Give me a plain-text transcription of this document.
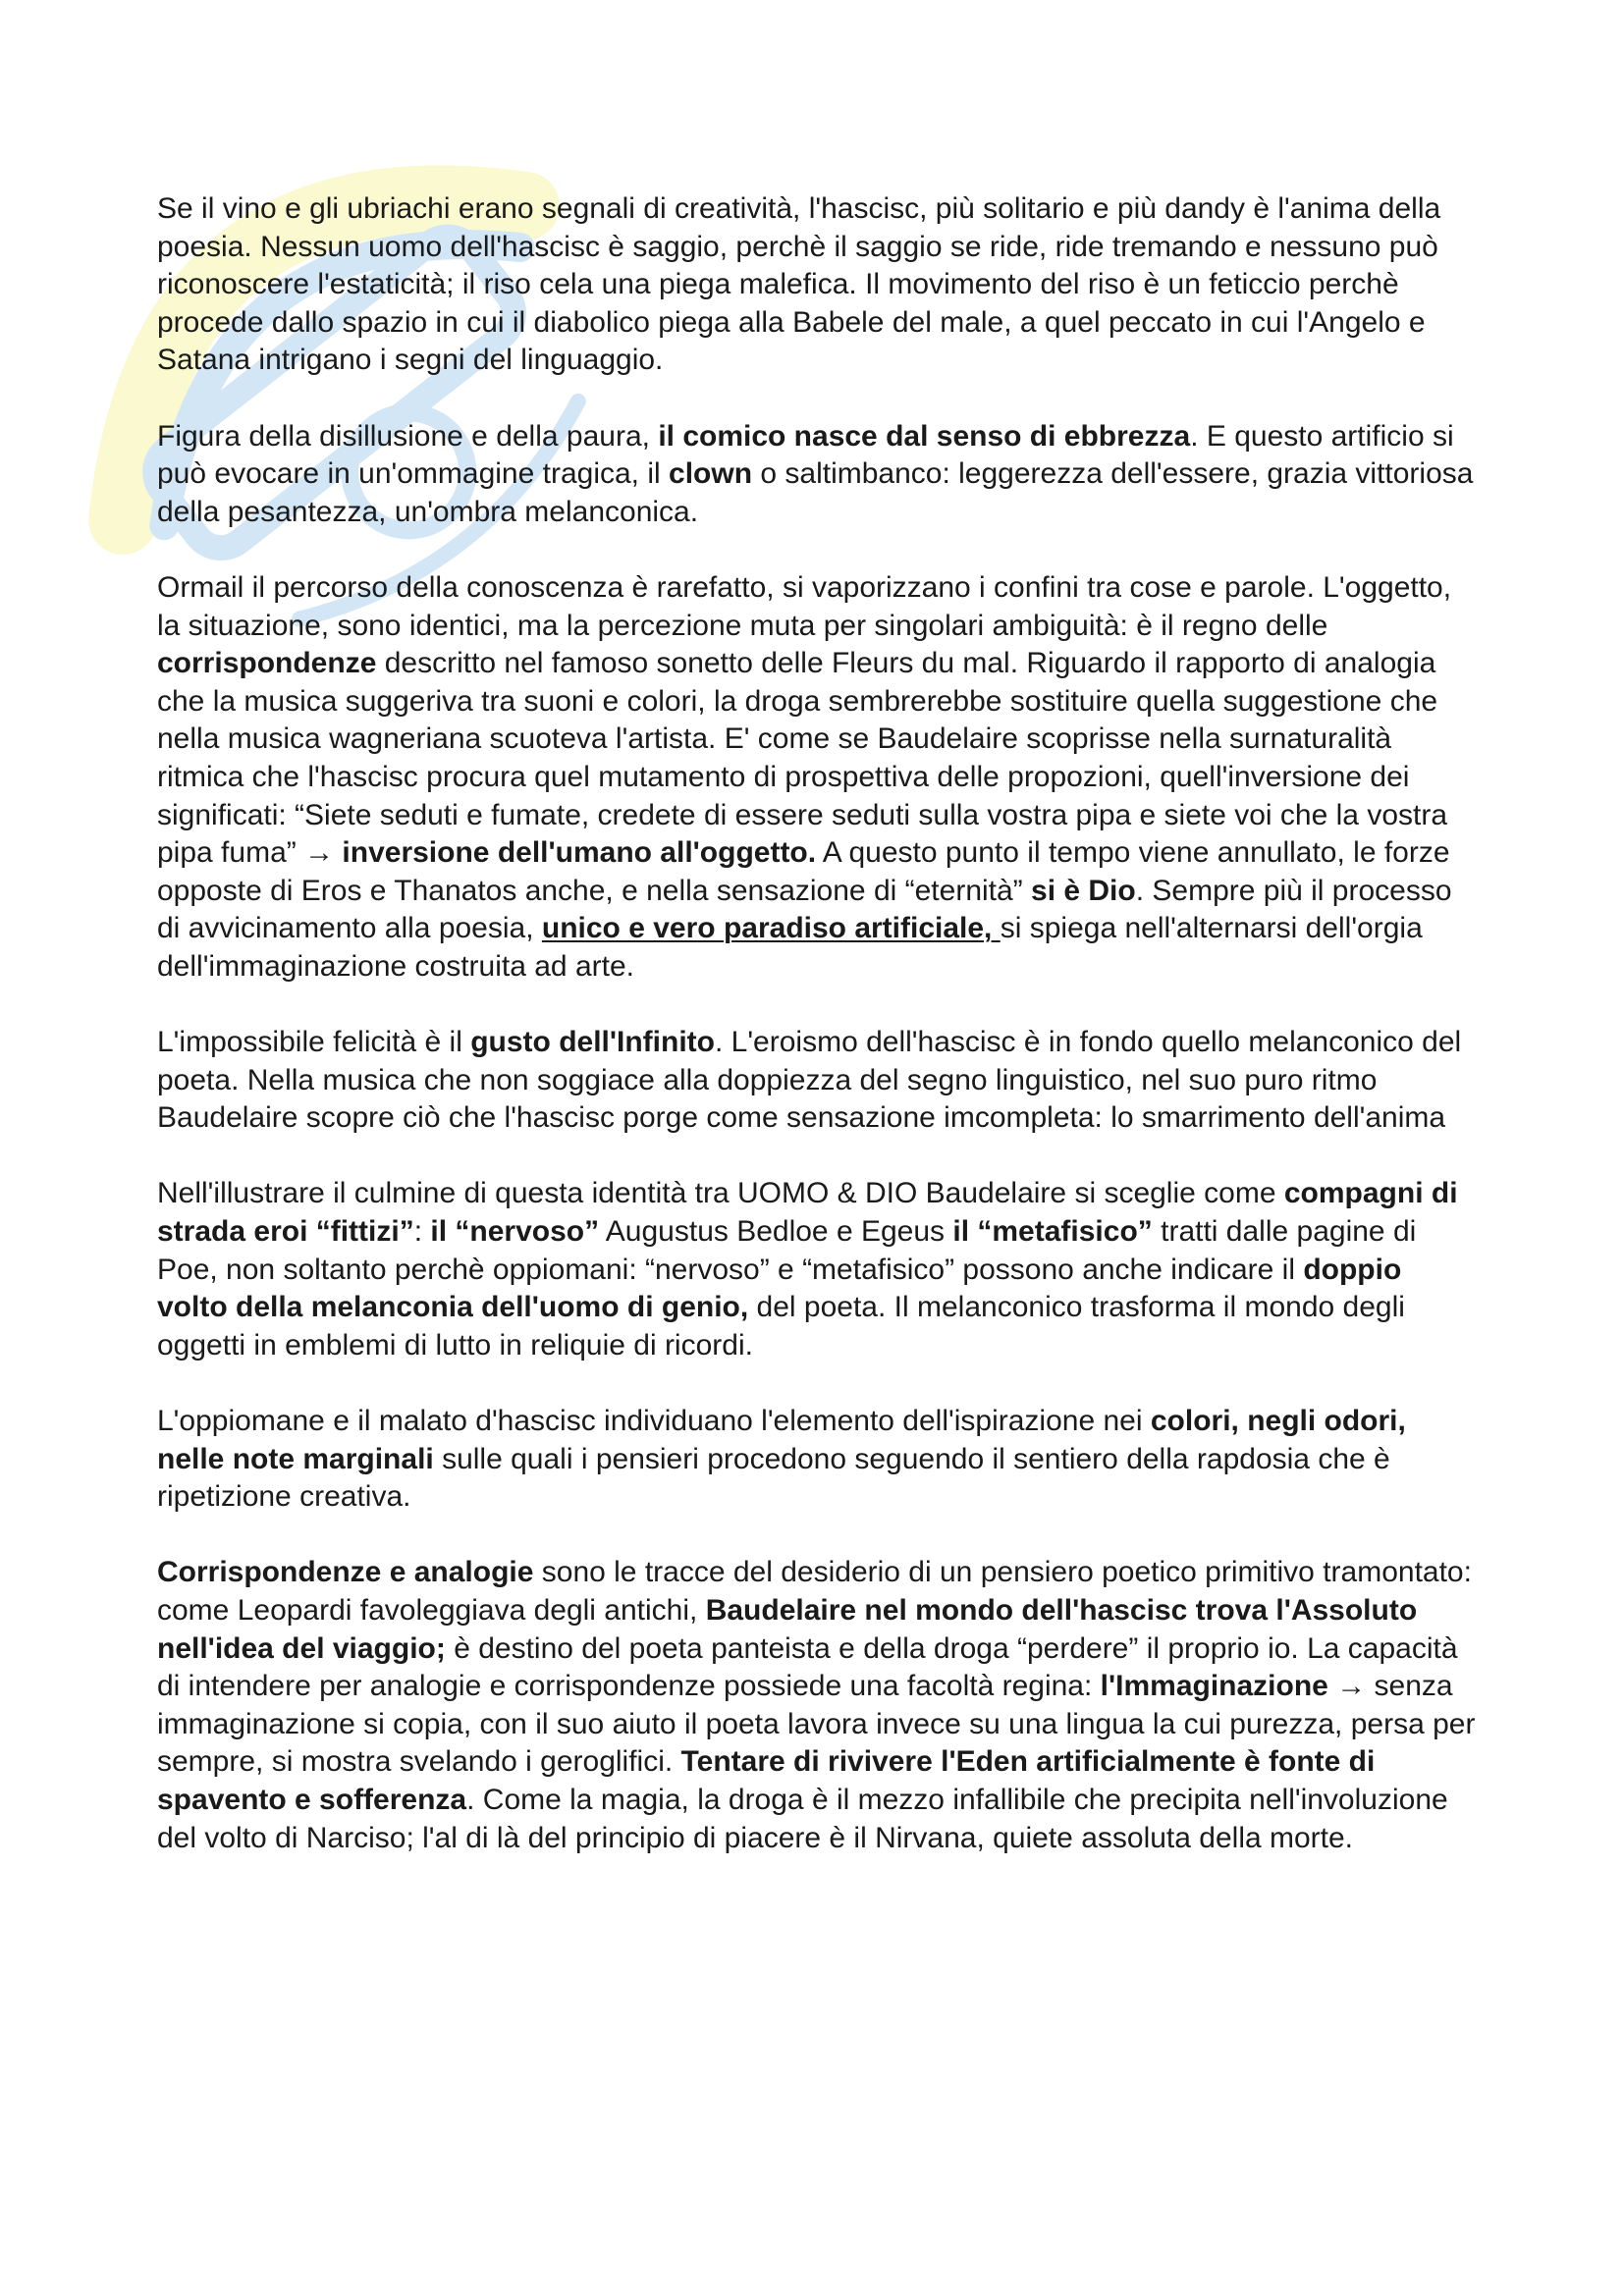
Se il vino e gli ubriachi erano segnali di creatività, l'hascisc, più solitario e più dandy è l'anima della poesia. Nessun uomo dell'hascisc è saggio, perchè il saggio se ride, ride tremando e nessuno può riconoscere l'estaticità; il riso cela una piega malefica. Il movimento del riso è un feticcio perchè procede dallo spazio in cui il diabolico piega alla Babele del male, a quel peccato in cui l'Angelo e Satana intrigano i segni del linguaggio.

Figura della disillusione e della paura, il comico nasce dal senso di ebbrezza. E questo artificio si può evocare in un'ommagine tragica, il clown o saltimbanco: leggerezza dell'essere, grazia vittoriosa della pesantezza, un'ombra melanconica.

Ormail il percorso della conoscenza è rarefatto, si vaporizzano i confini tra cose e parole. L'oggetto, la situazione, sono identici, ma la percezione muta per singolari ambiguità: è il regno delle corrispondenze descritto nel famoso sonetto delle Fleurs du mal. Riguardo il rapporto di analogia che la musica suggeriva tra suoni e colori, la droga sembrerebbe sostituire quella suggestione che nella musica wagneriana scuoteva l'artista. E' come se Baudelaire scoprisse nella surnaturalità ritmica che l'hascisc procura quel mutamento di prospettiva delle propozioni, quell'inversione dei significati: “Siete seduti e fumate, credete di essere seduti sulla vostra pipa e siete voi che la vostra pipa fuma” → inversione dell'umano all'oggetto. A questo punto il tempo viene annullato, le forze opposte di Eros e Thanatos anche, e nella sensazione di “eternità” si è Dio. Sempre più il processo di avvicinamento alla poesia, unico e vero paradiso artificiale, si spiega nell'alternarsi dell'orgia dell'immaginazione costruita ad arte.

L'impossibile felicità è il gusto dell'Infinito. L'eroismo dell'hascisc è in fondo quello melanconico del poeta. Nella musica che non soggiace alla doppiezza del segno linguistico, nel suo puro ritmo Baudelaire scopre ciò che l'hascisc porge come sensazione imcompleta: lo smarrimento dell'anima

Nell'illustrare il culmine di questa identità tra UOMO & DIO Baudelaire si sceglie come compagni di strada eroi “fittizi”: il “nervoso” Augustus Bedloe e Egeus il “metafisico” tratti dalle pagine di Poe, non soltanto perchè oppiomani: “nervoso” e “metafisico” possono anche indicare il doppio volto della melanconia dell'uomo di genio, del poeta. Il melanconico trasforma il mondo degli oggetti in emblemi di lutto in reliquie di ricordi.

L'oppiomane e il malato d'hascisc individuano l'elemento dell'ispirazione nei colori, negli odori, nelle note marginali sulle quali i pensieri procedono seguendo il sentiero della rapdosia che è ripetizione creativa.

Corrispondenze e analogie sono le tracce del desiderio di un pensiero poetico primitivo tramontato: come Leopardi favoleggiava degli antichi, Baudelaire nel mondo dell'hascisc trova l'Assoluto nell'idea del viaggio; è destino del poeta panteista e della droga “perdere” il proprio io. La capacità di intendere per analogie e corrispondenze possiede una facoltà regina: l'Immaginazione → senza immaginazione si copia, con il suo aiuto il poeta lavora invece su una lingua la cui purezza, persa per sempre, si mostra svelando i geroglifici. Tentare di rivivere l'Eden artificialmente è fonte di spavento e sofferenza. Come la magia, la droga è il mezzo infallibile che precipita nell'involuzione del volto di Narciso; l'al di là del principio di piacere è il Nirvana, quiete assoluta della morte.
